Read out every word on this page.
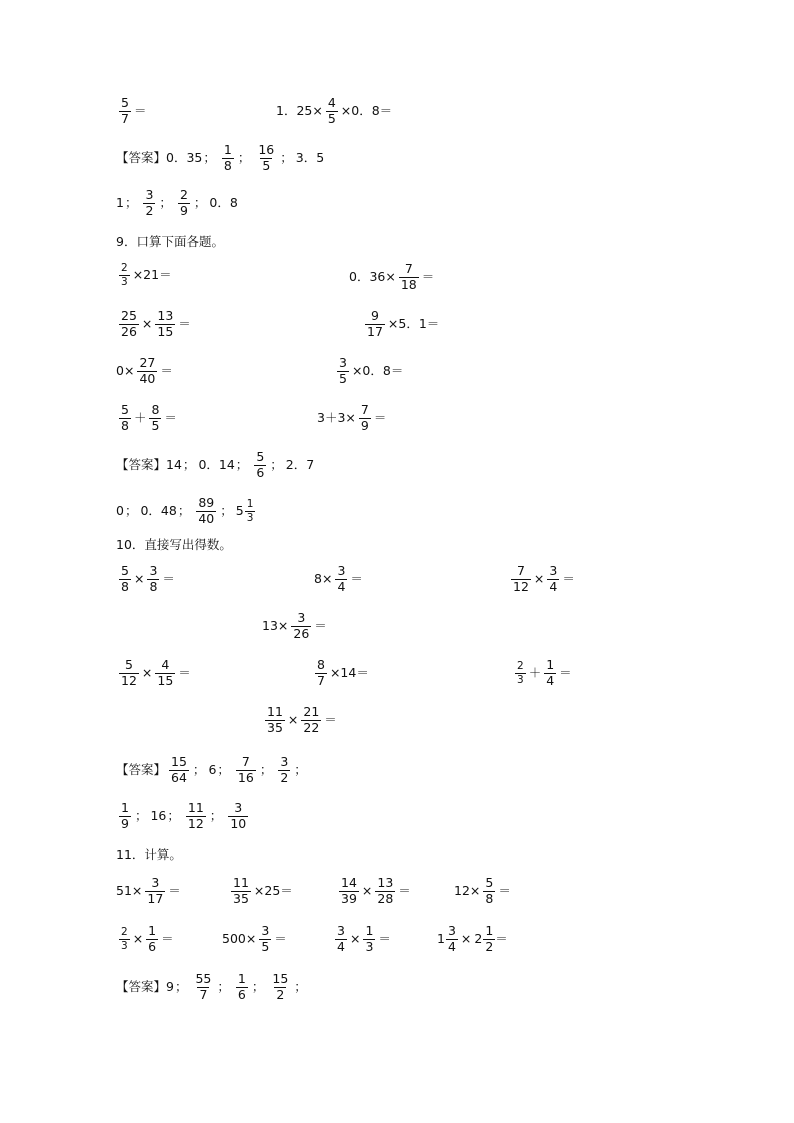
$\frac{5}{7}$ ＝	1．$25\times \frac{4}{5} \times 0$．8＝
【答案】 0．35 ； $\frac{1}{8}$ ； $\frac{16}{5}$ ； 3．5
1 ； $\frac{3}{2}$ ； $\frac{2}{9}$ ； 0．8
9．口算下面各题。
$\frac{2}{3} \times 21=$	0．$36\times \frac{7}{18}$ ＝
$\frac{25}{26} \times \frac{13}{15}$ ＝	$\frac{9}{17} \times 5$．1＝
$0\times \frac{27}{40}$ ＝	$\frac{3}{5} \times 0$．8＝
$\frac{5}{8} + \frac{8}{5}$ ＝	$3+3\times \frac{7}{9}$ ＝
【答案】 14 ； 0．14 ； $\frac{5}{6}$ ； 2．7
0 ； 0．48 ； $\frac{89}{40}$ ； $5 \frac{1}{3}$
10．直接写出得数。
$\frac{5}{8} \times \frac{3}{8}$ ＝	$8\times \frac{3}{4}$ ＝	$\frac{7}{12} \times \frac{3}{4}$ ＝
$13\times \frac{3}{26}$ ＝
$\frac{5}{12} \times \frac{4}{15}$ ＝	$\frac{8}{7} \times 14=$	$\frac{2}{3} + \frac{1}{4}$ ＝
$\frac{11}{35} \times \frac{21}{22}$ ＝
【答案】 $\frac{15}{64}$ ； 6 ； $\frac{7}{16}$ ； $\frac{3}{2}$ ；
$\frac{1}{9}$ ； 16 ； $\frac{11}{12}$ ； $\frac{3}{10}$
11．计算。
$51\times \frac{3}{17}$ ＝	$\frac{11}{35} \times 25=$	$\frac{14}{39} \times \frac{13}{28}$ ＝	$12\times \frac{5}{8}$ ＝
$\frac{2}{3} \times \frac{1}{6}$ ＝	$500\times \frac{3}{5}$ ＝	$\frac{3}{4} \times \frac{1}{3}$ ＝	$1 \frac{3}{4} \times 2 \frac{1}{2}$ ＝
【答案】 9 ； $\frac{55}{7}$ ； $\frac{1}{6}$ ； $\frac{15}{2}$ ；
